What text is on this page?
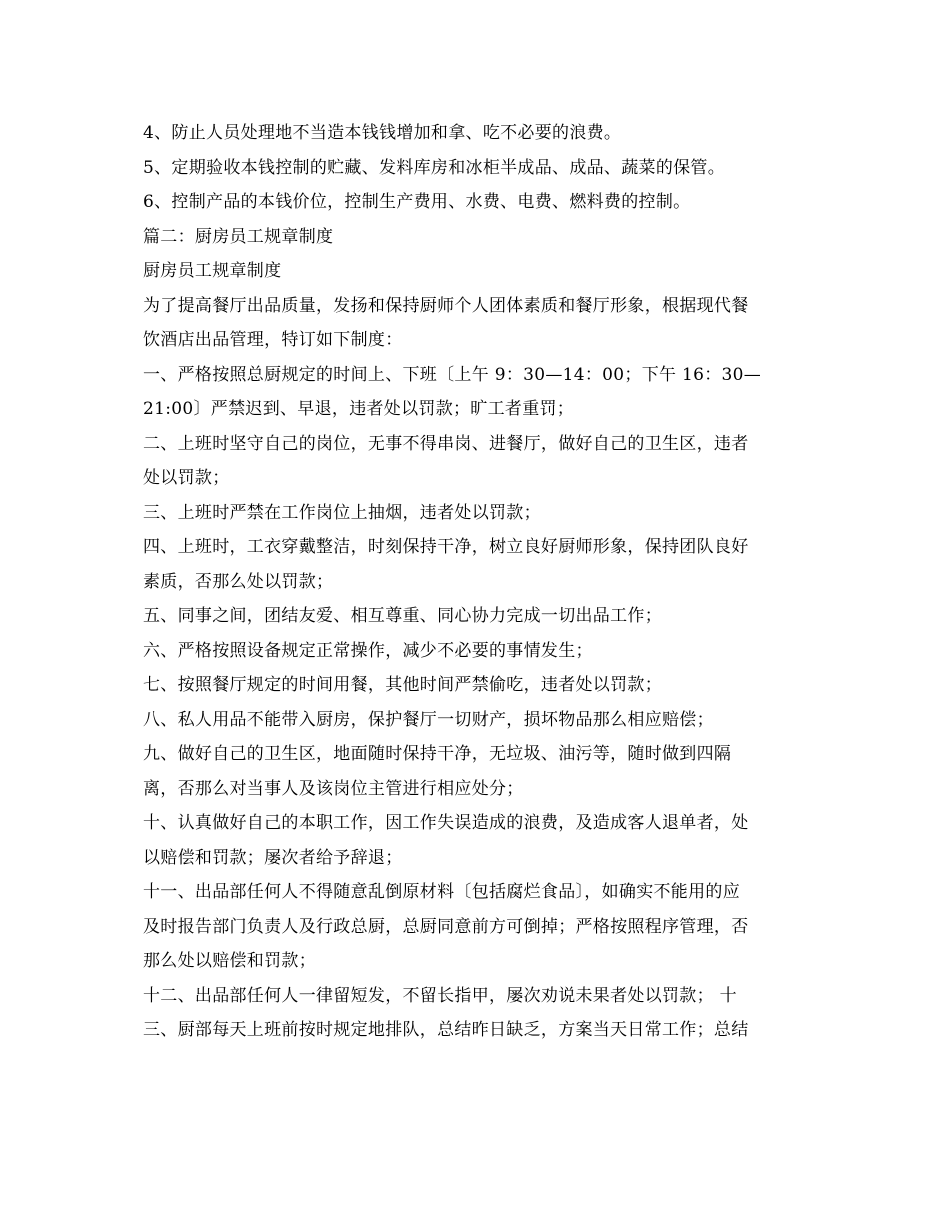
4、防止人员处理地不当造本钱钱增加和拿、吃不必要的浪费。
5、定期验收本钱控制的贮藏、发料库房和冰柜半成品、成品、蔬菜的保管。
6、控制产品的本钱价位，控制生产费用、水费、电费、燃料费的控制。
篇二：厨房员工规章制度
厨房员工规章制度
为了提高餐厅出品质量，发扬和保持厨师个人团体素质和餐厅形象，根据现代餐
饮酒店出品管理，特订如下制度：
一、严格按照总厨规定的时间上、下班〔上午 9：30—14：00；下午 16：30—
21:00〕严禁迟到、早退，违者处以罚款；旷工者重罚；
二、上班时坚守自己的岗位，无事不得串岗、进餐厅，做好自己的卫生区，违者
处以罚款；
三、上班时严禁在工作岗位上抽烟，违者处以罚款；
四、上班时，工衣穿戴整洁，时刻保持干净，树立良好厨师形象，保持团队良好
素质，否那么处以罚款；
五、同事之间，团结友爱、相互尊重、同心协力完成一切出品工作；
六、严格按照设备规定正常操作，减少不必要的事情发生；
七、按照餐厅规定的时间用餐，其他时间严禁偷吃，违者处以罚款；
八、私人用品不能带入厨房，保护餐厅一切财产，损坏物品那么相应赔偿；
九、做好自己的卫生区，地面随时保持干净，无垃圾、油污等，随时做到四隔
离，否那么对当事人及该岗位主管进行相应处分；
十、认真做好自己的本职工作，因工作失误造成的浪费，及造成客人退单者，处
以赔偿和罚款；屡次者给予辞退；
十一、出品部任何人不得随意乱倒原材料〔包括腐烂食品〕，如确实不能用的应
及时报告部门负责人及行政总厨，总厨同意前方可倒掉；严格按照程序管理，否
那么处以赔偿和罚款；
十二、出品部任何人一律留短发，不留长指甲，屡次劝说未果者处以罚款； 十
三、厨部每天上班前按时规定地排队，总结昨日缺乏，方案当天日常工作；总结
